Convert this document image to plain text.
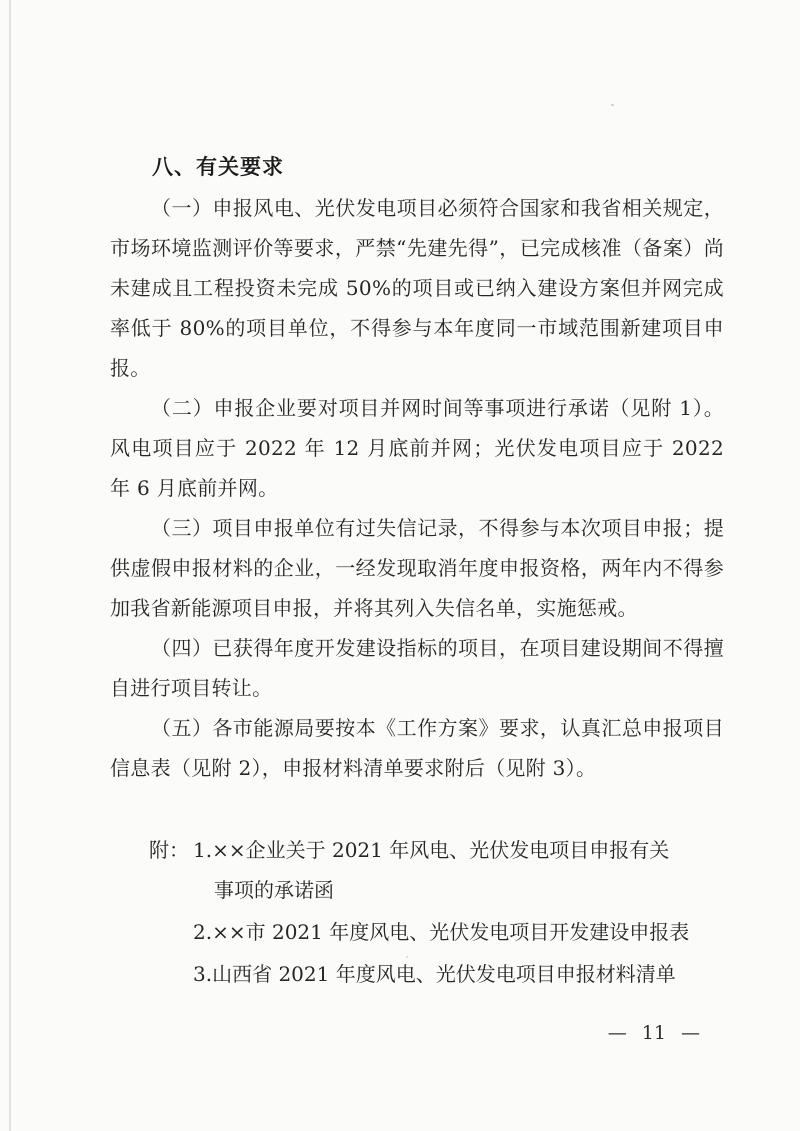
八、有关要求

（一）申报风电、光伏发电项目必须符合国家和我省相关规定，市场环境监测评价等要求，严禁“先建先得”，已完成核准（备案）尚未建成且工程投资未完成 50%的项目或已纳入建设方案但并网完成率低于 80%的项目单位，不得参与本年度同一市域范围新建项目申报。

（二）申报企业要对项目并网时间等事项进行承诺（见附 1）。风电项目应于 2022 年 12 月底前并网；光伏发电项目应于 2022 年 6 月底前并网。

（三）项目申报单位有过失信记录，不得参与本次项目申报；提供虚假申报材料的企业，一经发现取消年度申报资格，两年内不得参加我省新能源项目申报，并将其列入失信名单，实施惩戒。

（四）已获得年度开发建设指标的项目，在项目建设期间不得擅自进行项目转让。

（五）各市能源局要按本《工作方案》要求，认真汇总申报项目信息表（见附 2），申报材料清单要求附后（见附 3）。

附： 1.××企业关于 2021 年风电、光伏发电项目申报有关
事项的承诺函
2.××市 2021 年度风电、光伏发电项目开发建设申报表
3.山西省 2021 年度风电、光伏发电项目申报材料清单
— 11 —
